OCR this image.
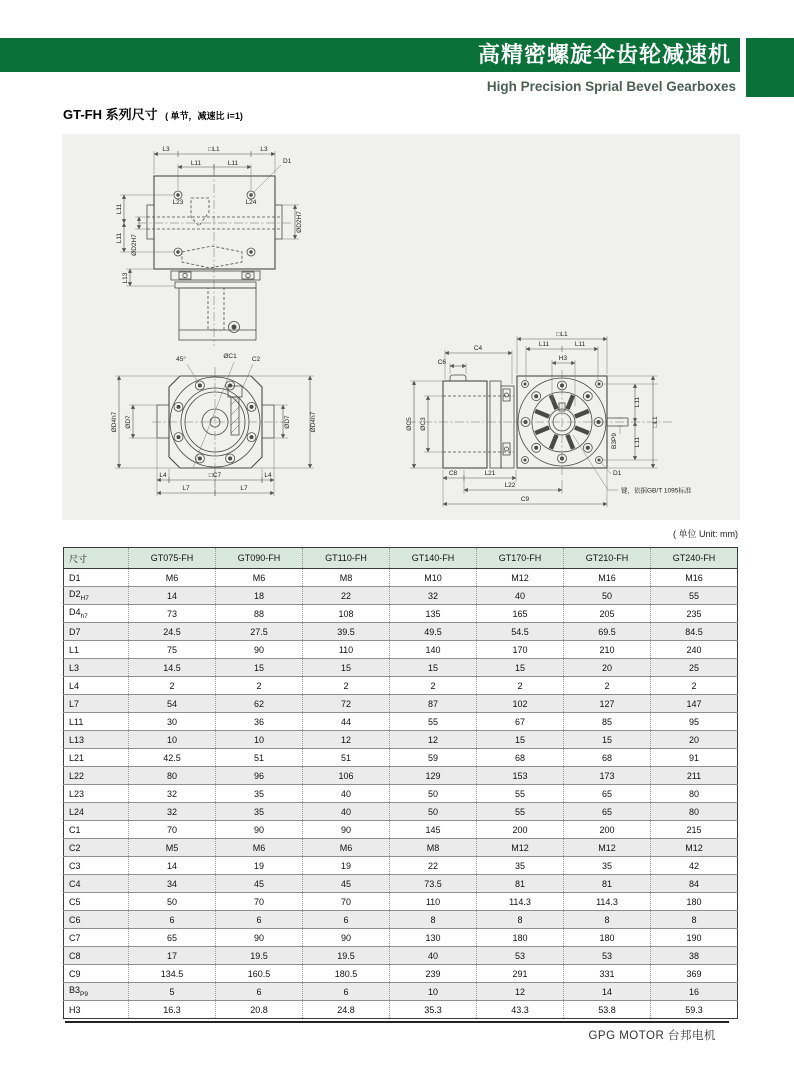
高精密螺旋伞齿轮减速机
High Precision Sprial Bevel Gearboxes
GT-FH 系列尺寸 ( 单节，减速比 i=1)
L3	□L1	L3
L11	L11	D1
L23	L24
ØD2H7
L11
L11 ØD2H7
L13
45°	ØC1 C2
ØD4h7 ØD7	ØD7	ØD4h7
L4	□C7	L4
L7	L7
□L1
L11	L11
H3
C4
C6
ØC5 ØC3
L11
L11
□L1
B3P9
C8	L21
L22
C9
D1
键，依据GB/T 1095标准
( 单位 Unit: mm)
尺寸	GT075-FH	GT090-FH	GT110-FH	GT140-FH	GT170-FH	GT210-FH	GT240-FH
D1	M6	M6	M8	M10	M12	M16	M16
$D2_{H7}$	14	18	22	32	40	50	55
$D4_{h7}$	73	88	108	135	165	205	235
D7	24.5	27.5	39.5	49.5	54.5	69.5	84.5
L1	75	90	110	140	170	210	240
L3	14.5	15	15	15	15	20	25
L4	2	2	2	2	2	2	2
L7	54	62	72	87	102	127	147
L11	30	36	44	55	67	85	95
L13	10	10	12	12	15	15	20
L21	42.5	51	51	59	68	68	91
L22	80	96	106	129	153	173	211
L23	32	35	40	50	55	65	80
L24	32	35	40	50	55	65	80
C1	70	90	90	145	200	200	215
C2	M5	M6	M6	M8	M12	M12	M12
C3	14	19	19	22	35	35	42
C4	34	45	45	73.5	81	81	84
C5	50	70	70	110	114.3	114.3	180
C6	6	6	6	8	8	8	8
C7	65	90	90	130	180	180	190
C8	17	19.5	19.5	40	53	53	38
C9	134.5	160.5	180.5	239	291	331	369
$B3_{P9}$	5	6	6	10	12	14	16
H3	16.3	20.8	24.8	35.3	43.3	53.8	59.3
GPG MOTOR 台邦电机
